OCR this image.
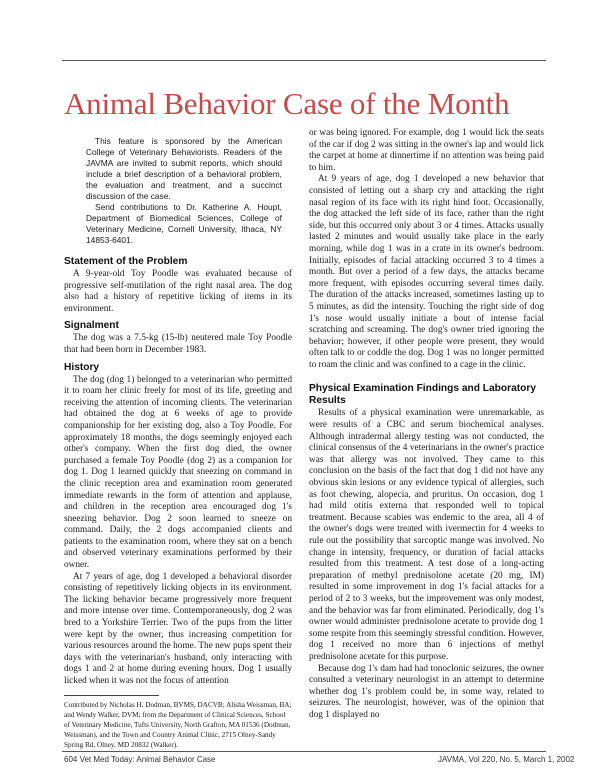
Animal Behavior Case of the Month

This feature is sponsored by the American College of Veterinary Behaviorists. Readers of the JAVMA are invited to submit reports, which should include a brief description of a behavioral problem, the evaluation and treatment, and a succinct discussion of the case.

Send contributions to Dr. Katherine A. Houpt, Department of Biomedical Sciences, College of Veterinary Medicine, Cornell University, Ithaca, NY 14853-6401.

Statement of the Problem

A 9-year-old Toy Poodle was evaluated because of progressive self-mutilation of the right nasal area. The dog also had a history of repetitive licking of items in its environment.

Signalment

The dog was a 7.5-kg (15-lb) neutered male Toy Poodle that had been born in December 1983.

History

The dog (dog 1) belonged to a veterinarian who permitted it to roam her clinic freely for most of its life, greeting and receiving the attention of incoming clients. The veterinarian had obtained the dog at 6 weeks of age to provide companionship for her existing dog, also a Toy Poodle. For approximately 18 months, the dogs seemingly enjoyed each other's company. When the first dog died, the owner purchased a female Toy Poodle (dog 2) as a companion for dog 1. Dog 1 learned quickly that sneezing on command in the clinic reception area and examination room generated immediate rewards in the form of attention and applause, and children in the reception area encouraged dog 1's sneezing behavior. Dog 2 soon learned to sneeze on command. Daily, the 2 dogs accompanied clients and patients to the examination room, where they sat on a bench and observed veterinary examinations performed by their owner.

At 7 years of age, dog 1 developed a behavioral disorder consisting of repetitively licking objects in its environment. The licking behavior became progressively more frequent and more intense over time. Contemporaneously, dog 2 was bred to a Yorkshire Terrier. Two of the pups from the litter were kept by the owner, thus increasing competition for various resources around the home. The new pups spent their days with the veterinarian's husband, only interacting with dogs 1 and 2 at home during evening hours. Dog 1 usually licked when it was not the focus of attention

Contributed by Nicholas H. Dodman, BVMS, DACVB; Alisha Weissman, BA; and Wendy Walker, DVM; from the Department of Clinical Sciences, School of Veterinary Medicine, Tufts University, North Grafton, MA 01536 (Dodman, Weissman), and the Town and Country Animal Clinic, 2715 Olney-Sandy Spring Rd, Olney, MD 20832 (Walker).

or was being ignored. For example, dog 1 would lick the seats of the car if dog 2 was sitting in the owner's lap and would lick the carpet at home at dinnertime if no attention was being paid to him.

At 9 years of age, dog 1 developed a new behavior that consisted of letting out a sharp cry and attacking the right nasal region of its face with its right hind foot. Occasionally, the dog attacked the left side of its face, rather than the right side, but this occurred only about 3 or 4 times. Attacks usually lasted 2 minutes and would usually take place in the early morning, while dog 1 was in a crate in its owner's bedroom. Initially, episodes of facial attacking occurred 3 to 4 times a month. But over a period of a few days, the attacks became more frequent, with episodes occurring several times daily. The duration of the attacks increased, sometimes lasting up to 5 minutes, as did the intensity. Touching the right side of dog 1's nose would usually initiate a bout of intense facial scratching and screaming. The dog's owner tried ignoring the behavior; however, if other people were present, they would often talk to or coddle the dog. Dog 1 was no longer permitted to roam the clinic and was confined to a cage in the clinic.

Physical Examination Findings and Laboratory Results

Results of a physical examination were unremarkable, as were results of a CBC and serum biochemical analyses. Although intradermal allergy testing was not conducted, the clinical consensus of the 4 veterinarians in the owner's practice was that allergy was not involved. They came to this conclusion on the basis of the fact that dog 1 did not have any obvious skin lesions or any evidence typical of allergies, such as foot chewing, alopecia, and pruritus. On occasion, dog 1 had mild otitis externa that responded well to topical treatment. Because scabies was endemic to the area, all 4 of the owner's dogs were treated with ivermectin for 4 weeks to rule out the possibility that sarcoptic mange was involved. No change in intensity, frequency, or duration of facial attacks resulted from this treatment. A test dose of a long-acting preparation of methyl prednisolone acetate (20 mg, IM) resulted in some improvement in dog 1's facial attacks for a period of 2 to 3 weeks, but the improvement was only modest, and the behavior was far from eliminated. Periodically, dog 1's owner would administer prednisolone acetate to provide dog 1 some respite from this seemingly stressful condition. However, dog 1 received no more than 6 injections of methyl prednisolone acetate for this purpose.

Because dog 1's dam had had tonoclonic seizures, the owner consulted a veterinary neurologist in an attempt to determine whether dog 1's problem could be, in some way, related to seizures. The neurologist, however, was of the opinion that dog 1 displayed no

604 Vet Med Today: Animal Behavior Case	JAVMA, Vol 220, No. 5, March 1, 2002
